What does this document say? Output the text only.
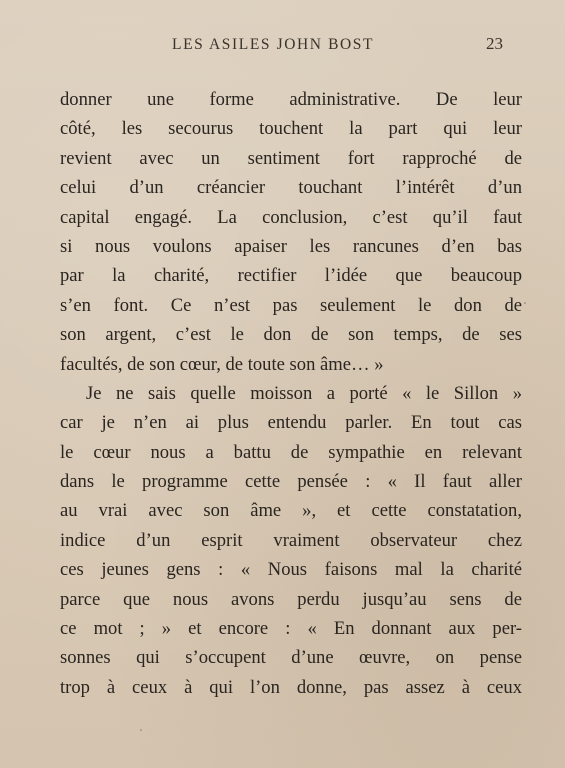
LES ASILES JOHN BOST	23
donner une forme administrative. De leur
côté, les secourus touchent la part qui leur
revient avec un sentiment fort rapproché de
celui d’un créancier touchant l’intérêt d’un
capital engagé. La conclusion, c’est qu’il faut
si nous voulons apaiser les rancunes d’en bas
par la charité, rectifier l’idée que beaucoup
s’en font. Ce n’est pas seulement le don de
son argent, c’est le don de son temps, de ses
facultés, de son cœur, de toute son âme… »
Je ne sais quelle moisson a porté « le Sillon »
car je n’en ai plus entendu parler. En tout cas
le cœur nous a battu de sympathie en relevant
dans le programme cette pensée : « Il faut aller
au vrai avec son âme », et cette constatation,
indice d’un esprit vraiment observateur chez
ces jeunes gens : « Nous faisons mal la charité
parce que nous avons perdu jusqu’au sens de
ce mot ; » et encore : « En donnant aux per-
sonnes qui s’occupent d’une œuvre, on pense
trop à ceux à qui l’on donne, pas assez à ceux
